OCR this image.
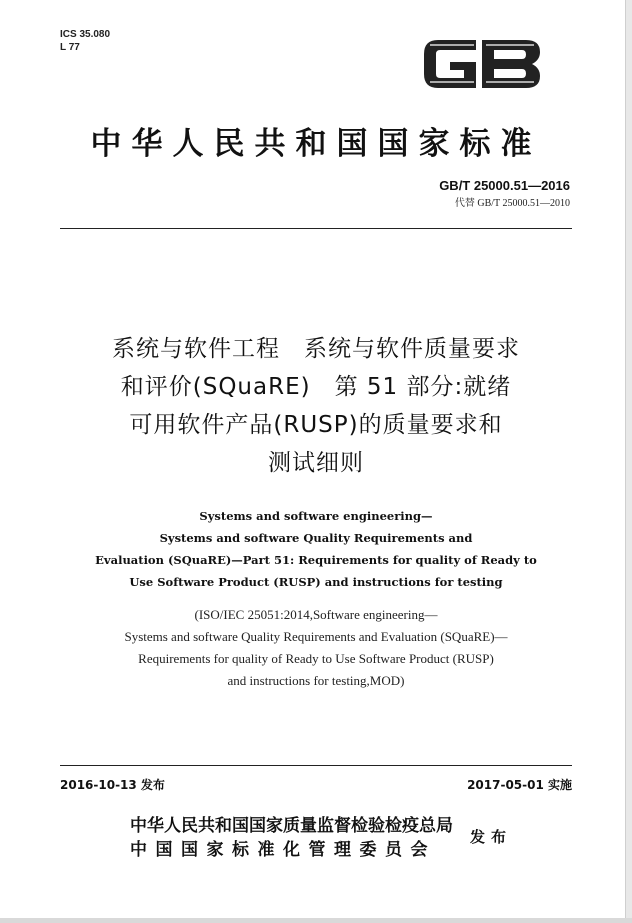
ICS 35.080
L 77
中华人民共和国国家标准
GB/T 25000.51—2016
代替 GB/T 25000.51—2010
系统与软件工程　系统与软件质量要求
和评价(SQuaRE)　第 51 部分:就绪
可用软件产品(RUSP)的质量要求和
测试细则
Systems and software engineering—
Systems and software Quality Requirements and
Evaluation (SQuaRE)—Part 51: Requirements for quality of Ready to
Use Software Product (RUSP) and instructions for testing
(ISO/IEC 25051:2014,Software engineering—
Systems and software Quality Requirements and Evaluation (SQuaRE)—
Requirements for quality of Ready to Use Software Product (RUSP)
and instructions for testing,MOD)
2016-10-13 发布	2017-05-01 实施
中华人民共和国国家质量监督检验检疫总局
中国国家标准化管理委员会
发布
